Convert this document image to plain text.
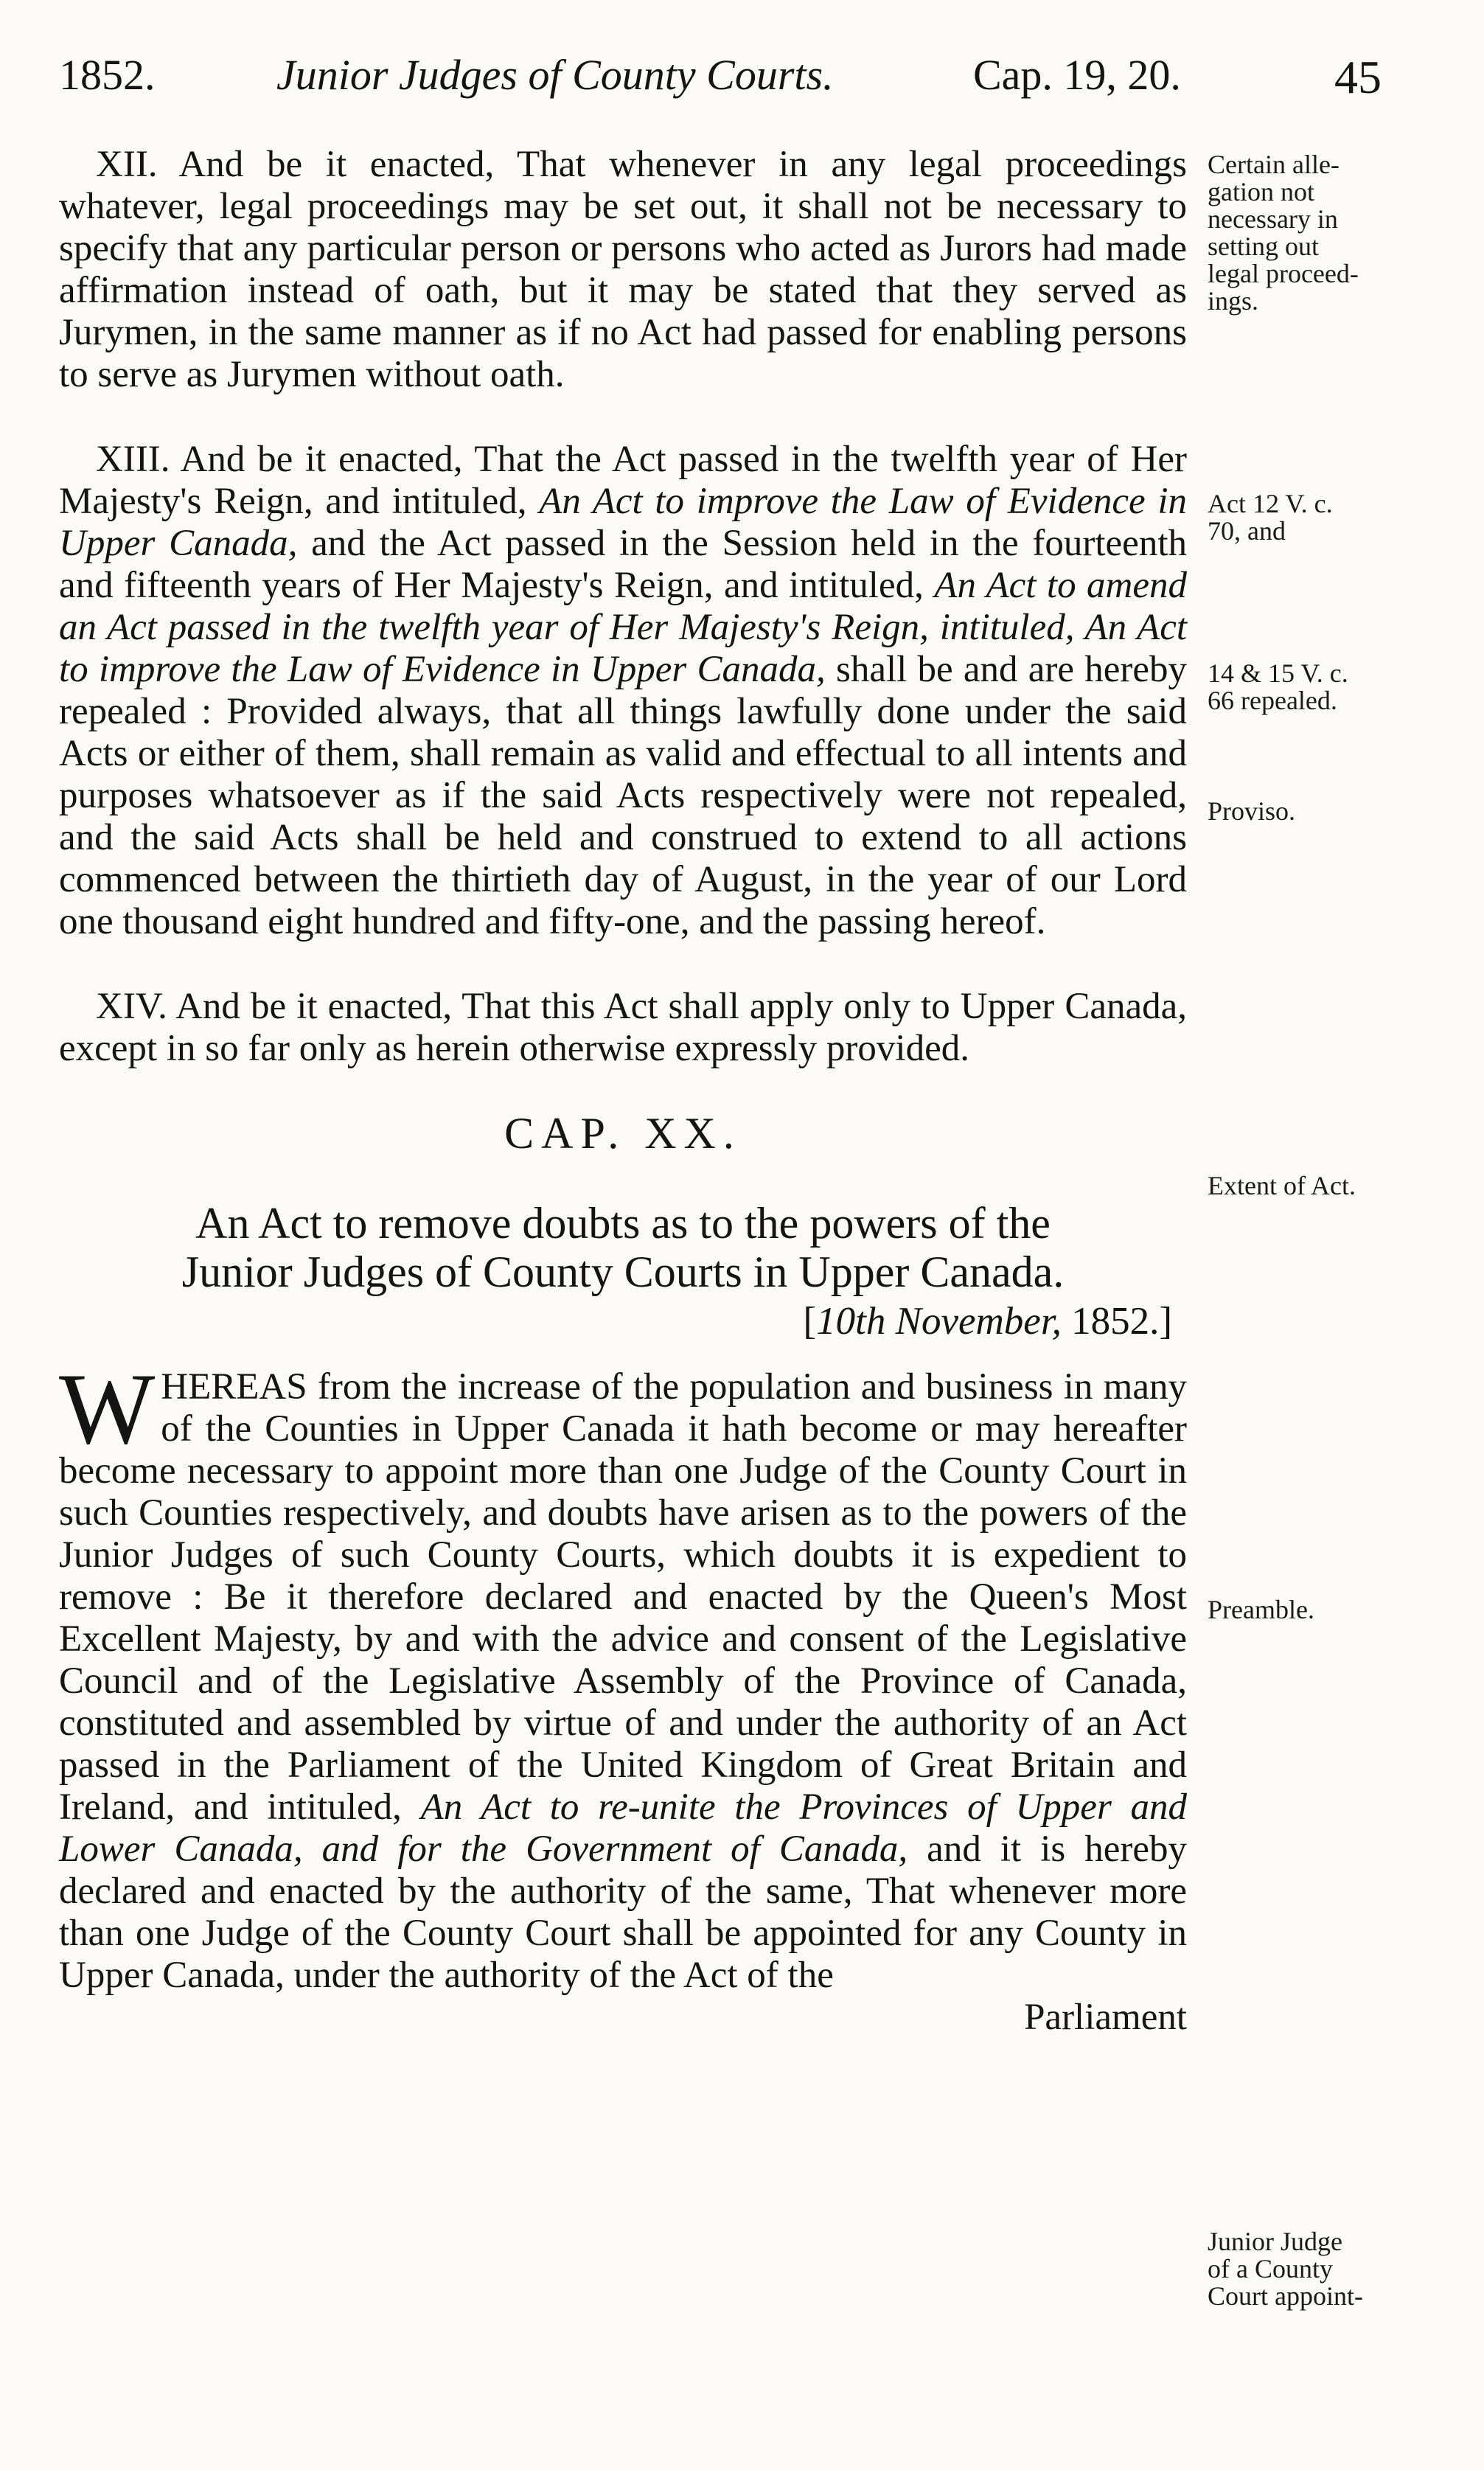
1852.	Junior Judges of County Courts.	Cap. 19, 20.	45

XII. And be it enacted, That whenever in any legal proceedings whatever, legal proceedings may be set out, it shall not be necessary to specify that any particular person or persons who acted as Jurors had made affirmation instead of oath, but it may be stated that they served as Jurymen, in the same manner as if no Act had passed for enabling persons to serve as Jurymen without oath.

XIII. And be it enacted, That the Act passed in the twelfth year of Her Majesty's Reign, and intituled, An Act to improve the Law of Evidence in Upper Canada, and the Act passed in the Session held in the fourteenth and fifteenth years of Her Majesty's Reign, and intituled, An Act to amend an Act passed in the twelfth year of Her Majesty's Reign, intituled, An Act to improve the Law of Evidence in Upper Canada, shall be and are hereby repealed : Provided always, that all things lawfully done under the said Acts or either of them, shall remain as valid and effectual to all intents and purposes whatsoever as if the said Acts respectively were not repealed, and the said Acts shall be held and construed to extend to all actions commenced between the thirtieth day of August, in the year of our Lord one thousand eight hundred and fifty-one, and the passing hereof.

XIV. And be it enacted, That this Act shall apply only to Upper Canada, except in so far only as herein otherwise expressly provided.

CAP. XX.

An Act to remove doubts as to the powers of the

Junior Judges of County Courts in Upper Canada.

[10th November, 1852.]

WHEREAS from the increase of the population and business in many of the Counties in Upper Canada it hath become or may hereafter become necessary to appoint more than one Judge of the County Court in such Counties respectively, and doubts have arisen as to the powers of the Junior Judges of such County Courts, which doubts it is expedient to remove : Be it therefore declared and enacted by the Queen's Most Excellent Majesty, by and with the advice and consent of the Legislative Council and of the Legislative Assembly of the Province of Canada, constituted and assembled by virtue of and under the authority of an Act passed in the Parliament of the United Kingdom of Great Britain and Ireland, and intituled, An Act to re-unite the Provinces of Upper and Lower Canada, and for the Government of Canada, and it is hereby declared and enacted by the authority of the same, That whenever more than one Judge of the County Court shall be appointed for any County in Upper Canada, under the authority of the Act of the

Parliament

Certain alle-
gation not
necessary in
setting out
legal proceed-
ings.
Act 12 V. c.
70, and
14 & 15 V. c.
66 repealed.
Proviso.
Extent of Act.
Preamble.
Junior Judge
of a County
Court appoint-
